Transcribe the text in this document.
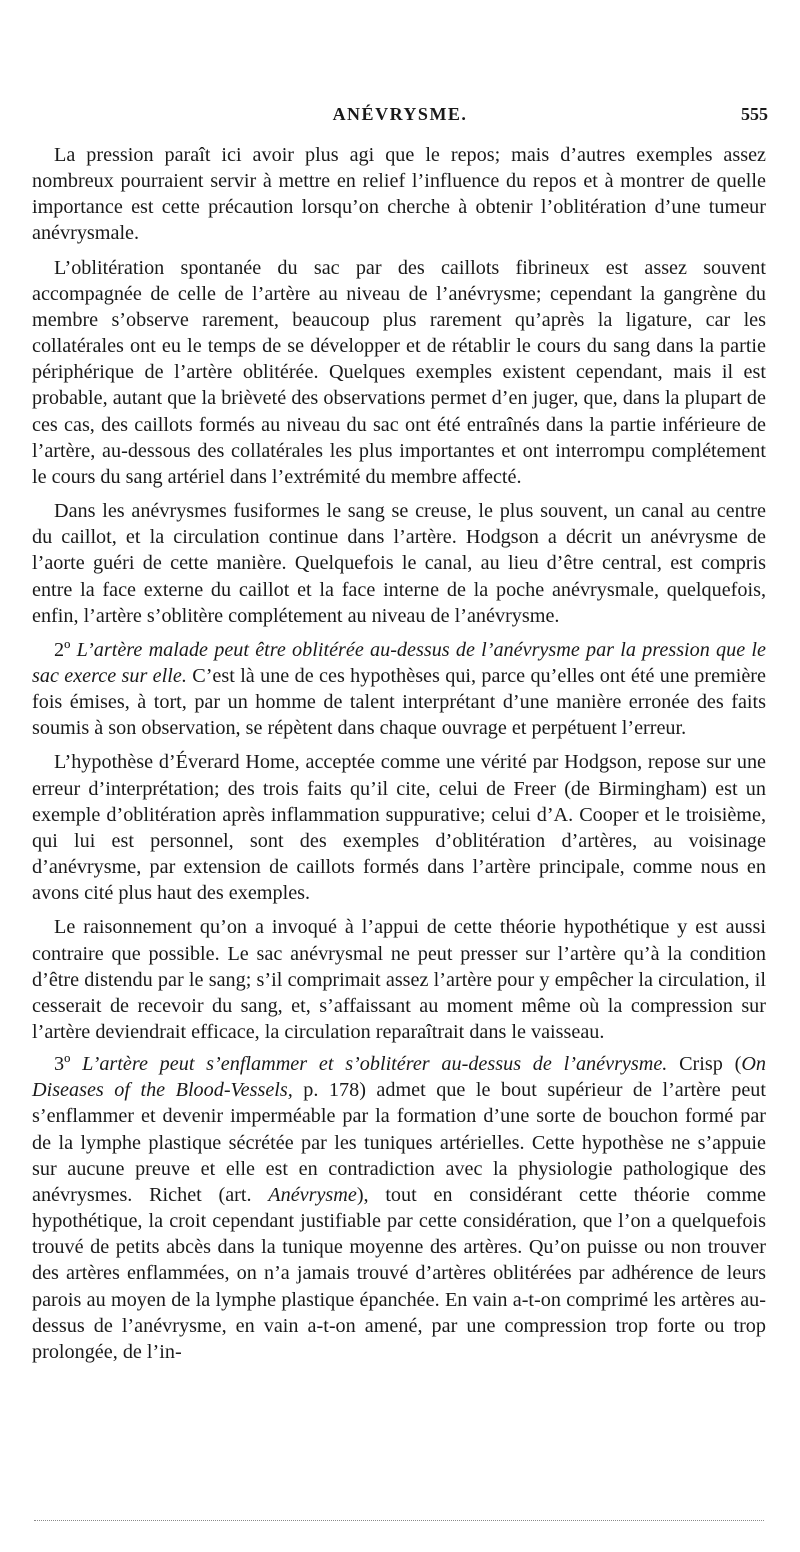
ANÉVRYSME.	555

La pression paraît ici avoir plus agi que le repos; mais d’autres exemples assez nombreux pourraient servir à mettre en relief l’influence du repos et à montrer de quelle importance est cette précaution lorsqu’on cherche à obtenir l’oblitération d’une tumeur anévrysmale.

L’oblitération spontanée du sac par des caillots fibrineux est assez souvent accompagnée de celle de l’artère au niveau de l’anévrysme; cependant la gangrène du membre s’observe rarement, beaucoup plus rarement qu’après la ligature, car les collatérales ont eu le temps de se développer et de rétablir le cours du sang dans la partie périphérique de l’artère oblitérée. Quelques exemples existent cependant, mais il est probable, autant que la brièveté des observations permet d’en juger, que, dans la plupart de ces cas, des caillots formés au niveau du sac ont été entraînés dans la partie inférieure de l’artère, au-dessous des collatérales les plus importantes et ont interrompu complétement le cours du sang artériel dans l’extrémité du membre affecté.

Dans les anévrysmes fusiformes le sang se creuse, le plus souvent, un canal au centre du caillot, et la circulation continue dans l’artère. Hodgson a décrit un anévrysme de l’aorte guéri de cette manière. Quelquefois le canal, au lieu d’être central, est compris entre la face externe du caillot et la face interne de la poche anévrysmale, quelquefois, enfin, l’artère s’oblitère complétement au niveau de l’anévrysme.

2º L’artère malade peut être oblitérée au-dessus de l’anévrysme par la pression que le sac exerce sur elle. C’est là une de ces hypothèses qui, parce qu’elles ont été une première fois émises, à tort, par un homme de talent interprétant d’une manière erronée des faits soumis à son observation, se répètent dans chaque ouvrage et perpétuent l’erreur.

L’hypothèse d’Éverard Home, acceptée comme une vérité par Hodgson, repose sur une erreur d’interprétation; des trois faits qu’il cite, celui de Freer (de Birmingham) est un exemple d’oblitération après inflammation suppurative; celui d’A. Cooper et le troisième, qui lui est personnel, sont des exemples d’oblitération d’artères, au voisinage d’anévrysme, par extension de caillots formés dans l’artère principale, comme nous en avons cité plus haut des exemples.

Le raisonnement qu’on a invoqué à l’appui de cette théorie hypothétique y est aussi contraire que possible. Le sac anévrysmal ne peut presser sur l’artère qu’à la condition d’être distendu par le sang; s’il comprimait assez l’artère pour y empêcher la circulation, il cesserait de recevoir du sang, et, s’affaissant au moment même où la compression sur l’artère deviendrait efficace, la circulation reparaîtrait dans le vaisseau.

3º L’artère peut s’enflammer et s’oblitérer au-dessus de l’anévrysme. Crisp (On Diseases of the Blood-Vessels, p. 178) admet que le bout supérieur de l’artère peut s’enflammer et devenir imperméable par la formation d’une sorte de bouchon formé par de la lymphe plastique sécrétée par les tuniques artérielles. Cette hypothèse ne s’appuie sur aucune preuve et elle est en contradiction avec la physiologie pathologique des anévrysmes. Richet (art. Anévrysme), tout en considérant cette théorie comme hypothétique, la croit cependant justifiable par cette considération, que l’on a quelquefois trouvé de petits abcès dans la tunique moyenne des artères. Qu’on puisse ou non trouver des artères enflammées, on n’a jamais trouvé d’artères oblitérées par adhérence de leurs parois au moyen de la lymphe plastique épanchée. En vain a-t-on comprimé les artères au-dessus de l’anévrysme, en vain a-t-on amené, par une compression trop forte ou trop prolongée, de l’in-
